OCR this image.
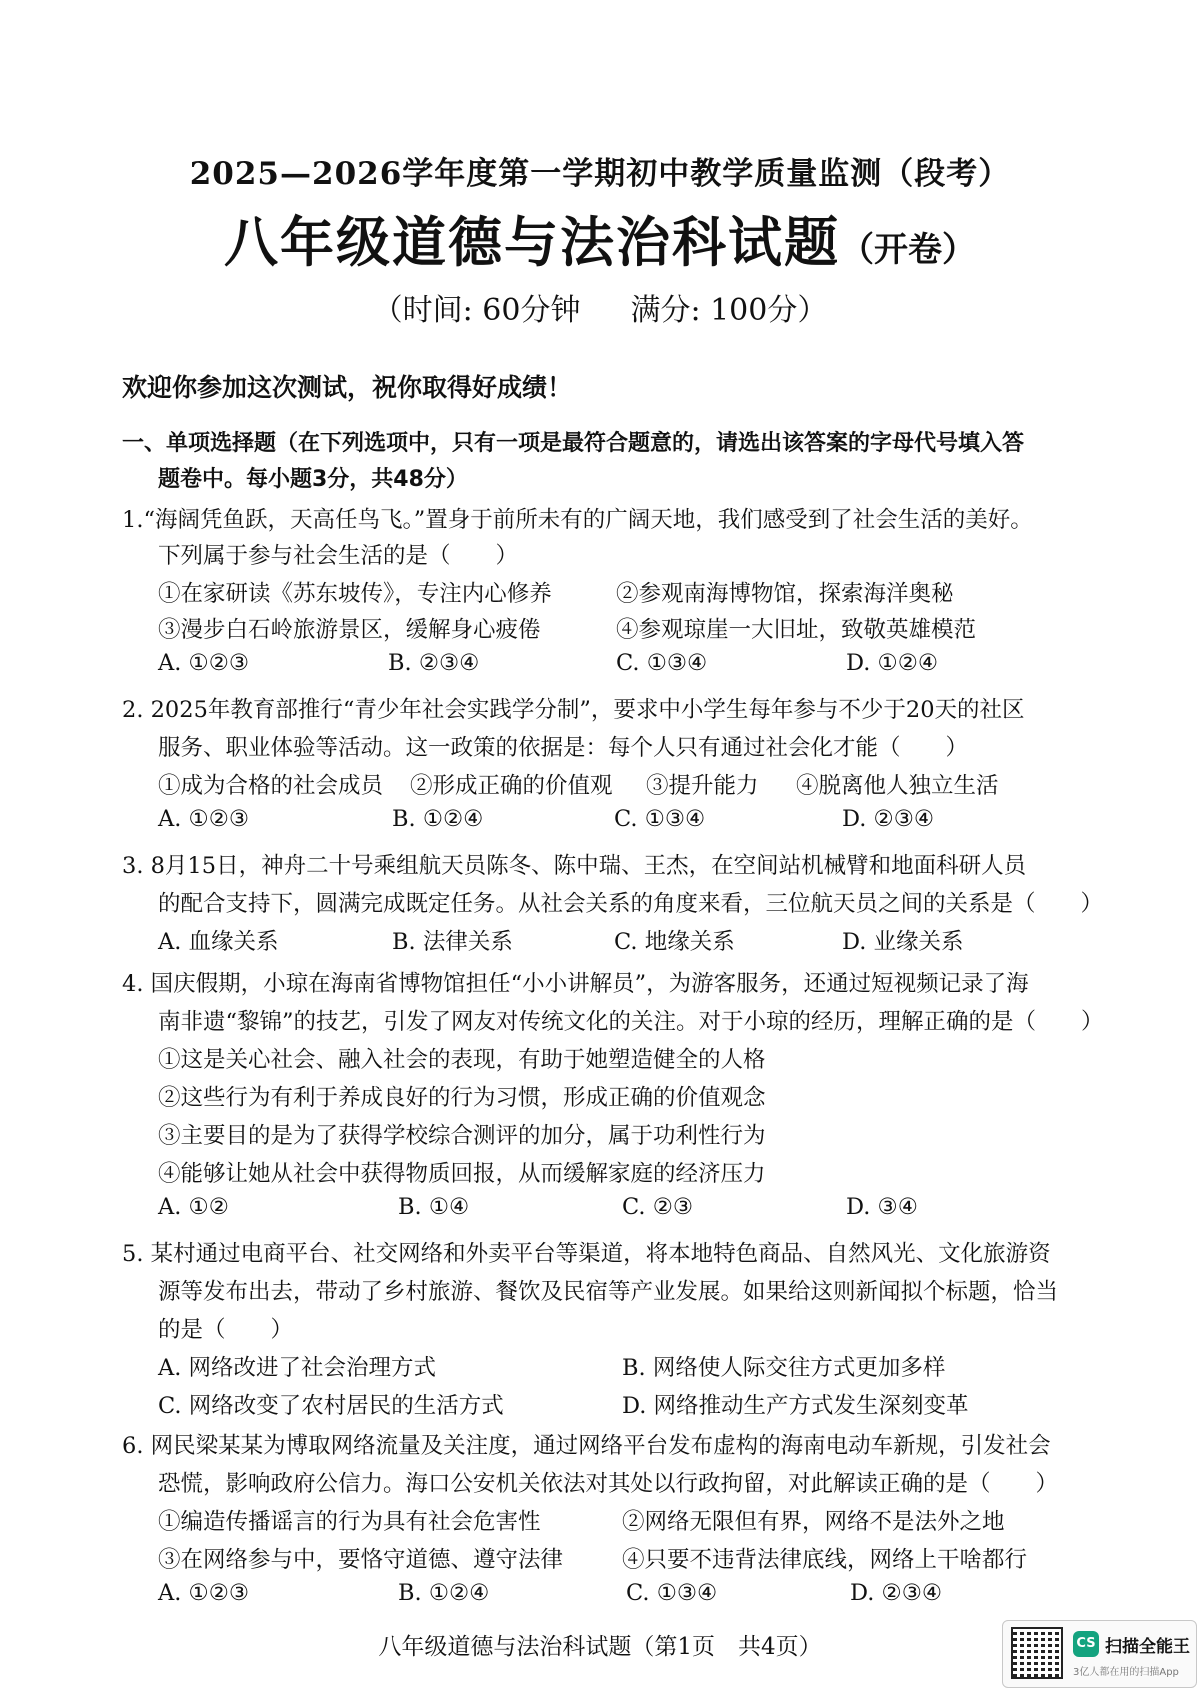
2025—2026学年度第一学期初中教学质量监测（段考）
八年级道德与法治科试题（开卷）
（时间: 60分钟 满分: 100分）
欢迎你参加这次测试，祝你取得好成绩！
一、单项选择题（在下列选项中，只有一项是最符合题意的，请选出该答案的字母代号填入答
题卷中。每小题3分，共48分）
1.“海阔凭鱼跃，天高任鸟飞。”置身于前所未有的广阔天地，我们感受到了社会生活的美好。
下列属于参与社会生活的是（　　）
①在家研读《苏东坡传》，专注内心修养	②参观南海博物馆，探索海洋奥秘
③漫步白石岭旅游景区，缓解身心疲倦	④参观琼崖一大旧址，致敬英雄模范
A. ①②③	B. ②③④	C. ①③④	D. ①②④
2. 2025年教育部推行“青少年社会实践学分制”，要求中小学生每年参与不少于20天的社区
服务、职业体验等活动。这一政策的依据是：每个人只有通过社会化才能（　　）
①成为合格的社会成员 ②形成正确的价值观 ③提升能力 ④脱离他人独立生活
A. ①②③	B. ①②④	C. ①③④	D. ②③④
3. 8月15日，神舟二十号乘组航天员陈冬、陈中瑞、王杰，在空间站机械臂和地面科研人员
的配合支持下，圆满完成既定任务。从社会关系的角度来看，三位航天员之间的关系是（　　）
A. 血缘关系	B. 法律关系	C. 地缘关系	D. 业缘关系
4. 国庆假期，小琼在海南省博物馆担任“小小讲解员”，为游客服务，还通过短视频记录了海
南非遗“黎锦”的技艺，引发了网友对传统文化的关注。对于小琼的经历，理解正确的是（　　）
①这是关心社会、融入社会的表现，有助于她塑造健全的人格
②这些行为有利于养成良好的行为习惯，形成正确的价值观念
③主要目的是为了获得学校综合测评的加分，属于功利性行为
④能够让她从社会中获得物质回报，从而缓解家庭的经济压力
A. ①②	B. ①④	C. ②③	D. ③④
5. 某村通过电商平台、社交网络和外卖平台等渠道，将本地特色商品、自然风光、文化旅游资
源等发布出去，带动了乡村旅游、餐饮及民宿等产业发展。如果给这则新闻拟个标题，恰当
的是（　　）
A. 网络改进了社会治理方式	B. 网络使人际交往方式更加多样
C. 网络改变了农村居民的生活方式	D. 网络推动生产方式发生深刻变革
6. 网民梁某某为博取网络流量及关注度，通过网络平台发布虚构的海南电动车新规，引发社会
恐慌，影响政府公信力。海口公安机关依法对其处以行政拘留，对此解读正确的是（　　）
①编造传播谣言的行为具有社会危害性	②网络无限但有界，网络不是法外之地
③在网络参与中，要恪守道德、遵守法律	④只要不违背法律底线，网络上干啥都行
A. ①②③	B. ①②④	C. ①③④	D. ②③④
八年级道德与法治科试题（第1页　共4页）	CS 扫描全能王
3亿人都在用的扫描App
